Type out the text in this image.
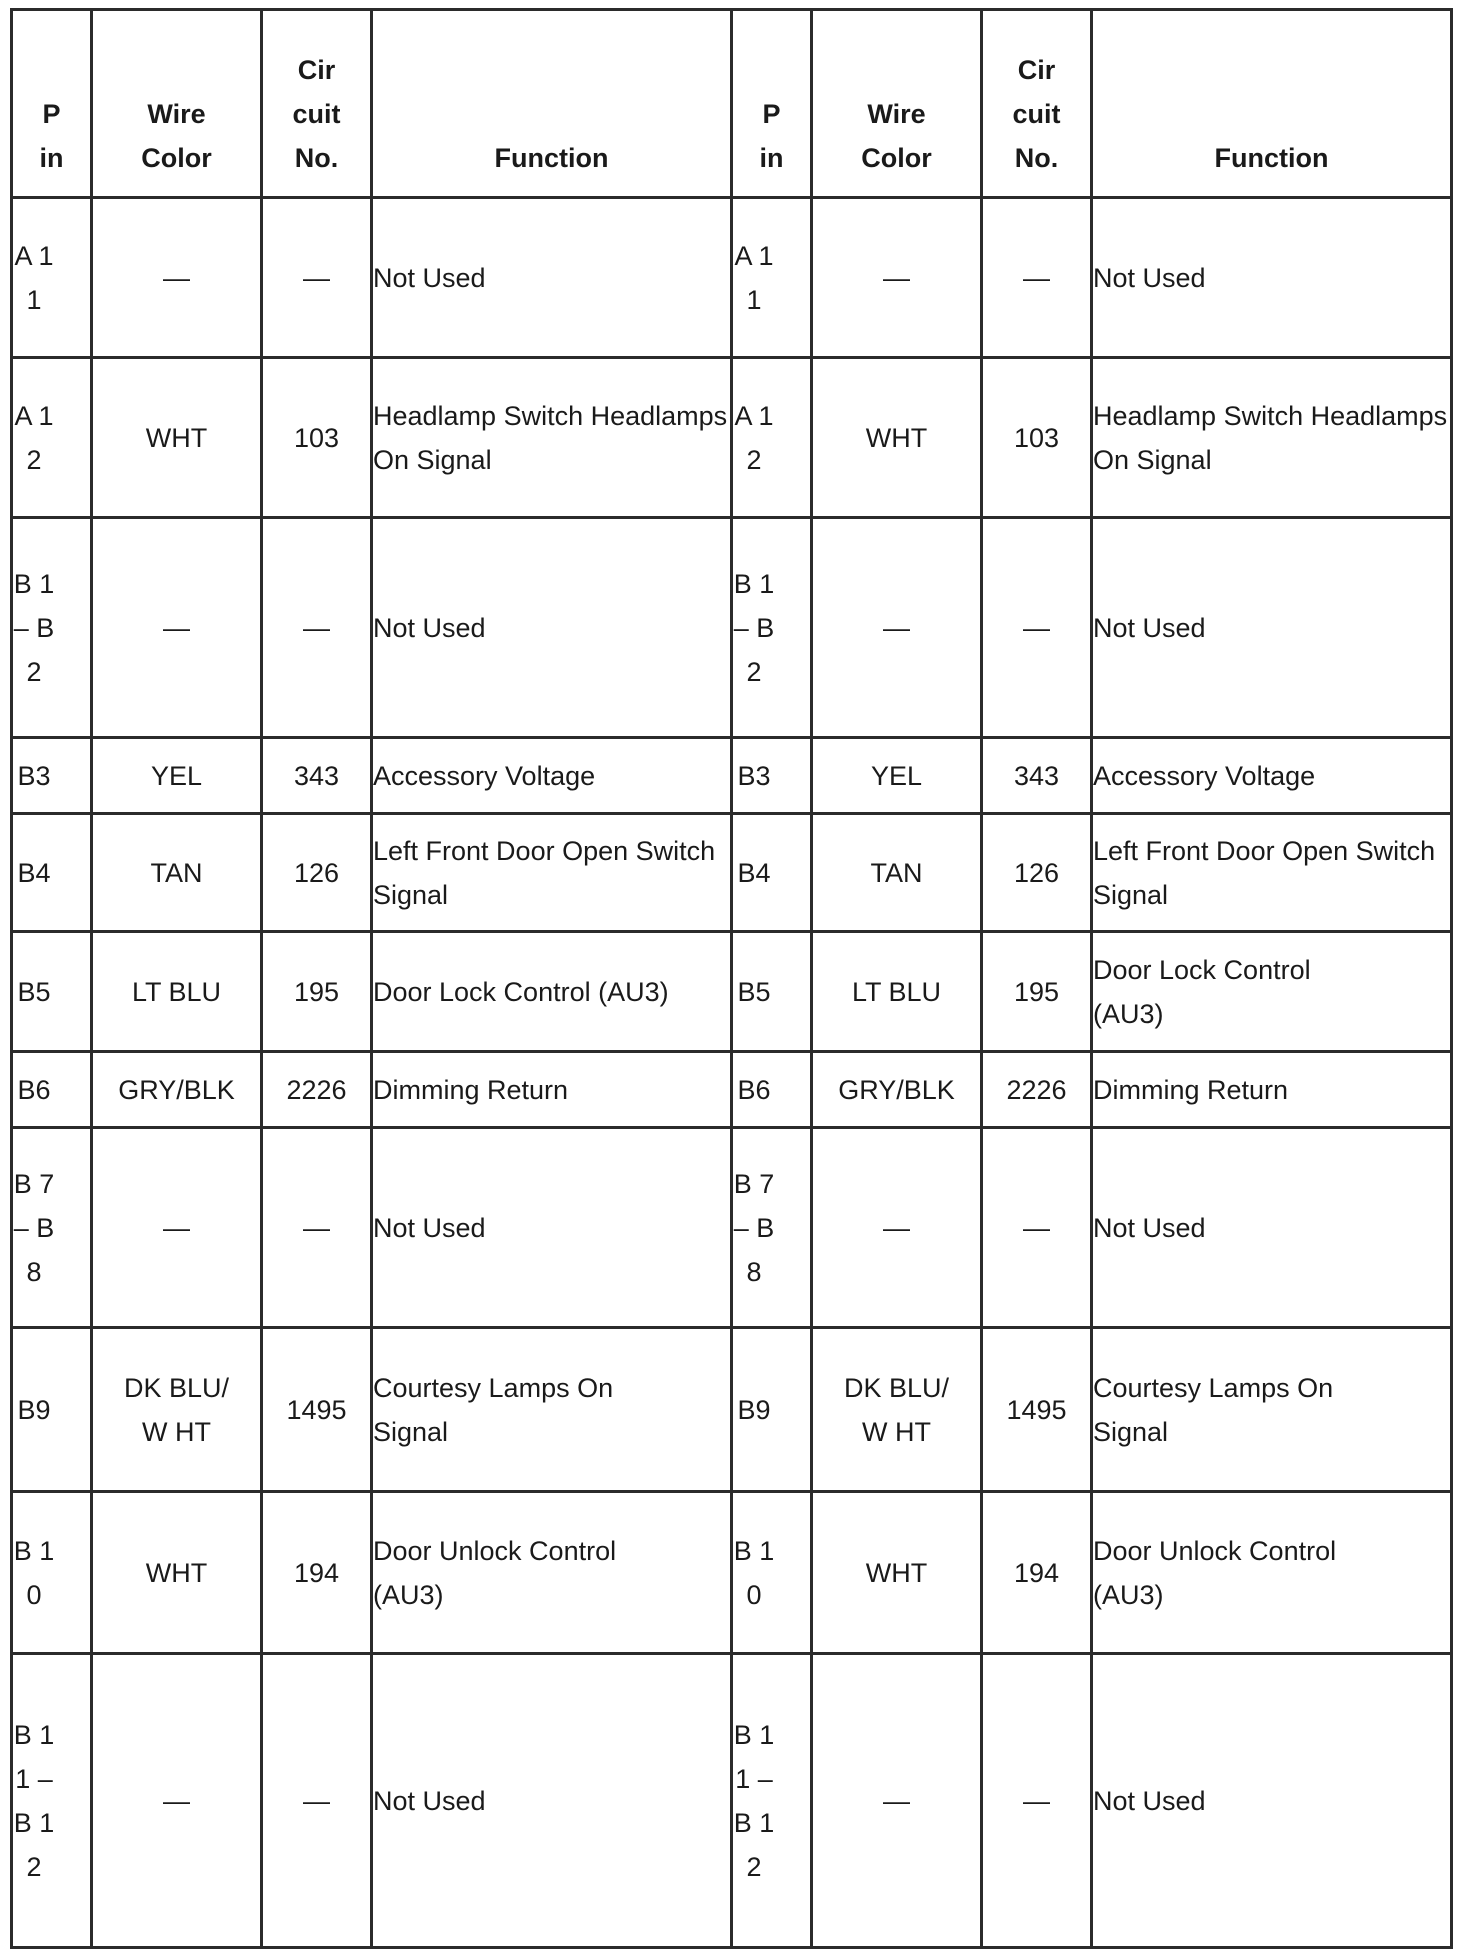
P in	Wire Color	Cir cuit No.	Function	P in	Wire Color	Cir cuit No.	Function
A 11	—	—	Not Used	A 11	—	—	Not Used
A 12	WHT	103	Headlamp Switch Headlamps On Signal	A 12	WHT	103	Headlamp Switch Headlamps On Signal
B 1 – B2	—	—	Not Used	B 1 – B2	—	—	Not Used
B3	YEL	343	Accessory Voltage	B3	YEL	343	Accessory Voltage
B4	TAN	126	Left Front Door Open Switch Signal	B4	TAN	126	Left Front Door Open Switch Signal
B5	LT BLU	195	Door Lock Control (AU3)	B5	LT BLU	195	Door Lock Control (AU3)
B6	GRY/BLK	2226	Dimming Return	B6	GRY/BLK	2226	Dimming Return
B 7 – B8	—	—	Not Used	B 7 – B8	—	—	Not Used
B9	DK BLU/W HT	1495	Courtesy Lamps On Signal	B9	DK BLU/W HT	1495	Courtesy Lamps On Signal
B 10	WHT	194	Door Unlock Control (AU3)	B 10	WHT	194	Door Unlock Control (AU3)
B 1 1 – B 12	—	—	Not Used	B 1 1 – B 12	—	—	Not Used
